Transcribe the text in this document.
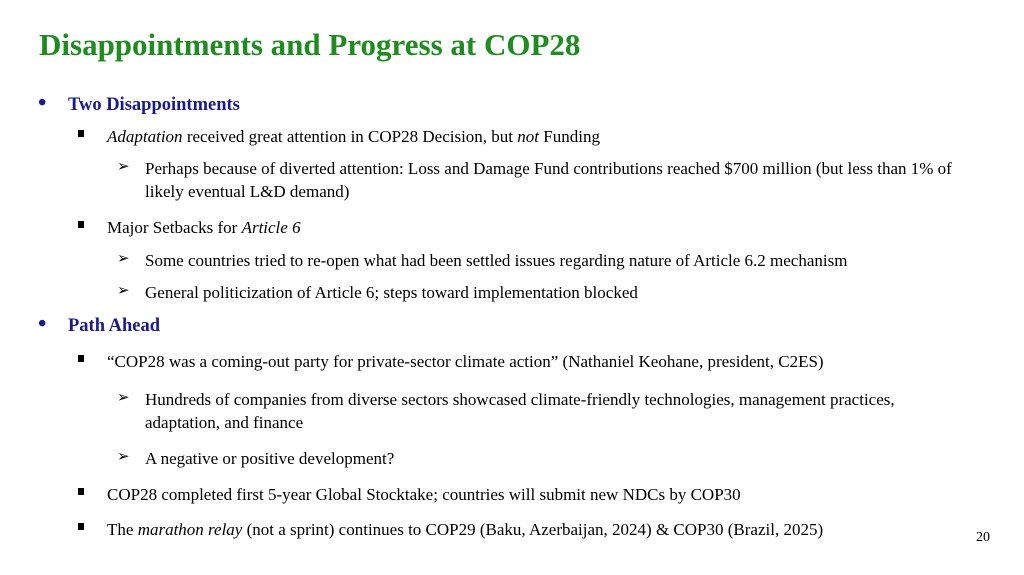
Disappointments and Progress at COP28
• Two Disappointments
Adaptation received great attention in COP28 Decision, but not Funding
➢ Perhaps because of diverted attention: Loss and Damage Fund contributions reached $700 million (but less than 1% of likely eventual L&D demand)
Major Setbacks for Article 6
➢ Some countries tried to re-open what had been settled issues regarding nature of Article 6.2 mechanism
➢ General politicization of Article 6; steps toward implementation blocked
• Path Ahead
“COP28 was a coming-out party for private-sector climate action” (Nathaniel Keohane, president, C2ES)
➢ Hundreds of companies from diverse sectors showcased climate-friendly technologies, management practices, adaptation, and finance
➢ A negative or positive development?
COP28 completed first 5-year Global Stocktake; countries will submit new NDCs by COP30
The marathon relay (not a sprint) continues to COP29 (Baku, Azerbaijan, 2024) & COP30 (Brazil, 2025)	20
